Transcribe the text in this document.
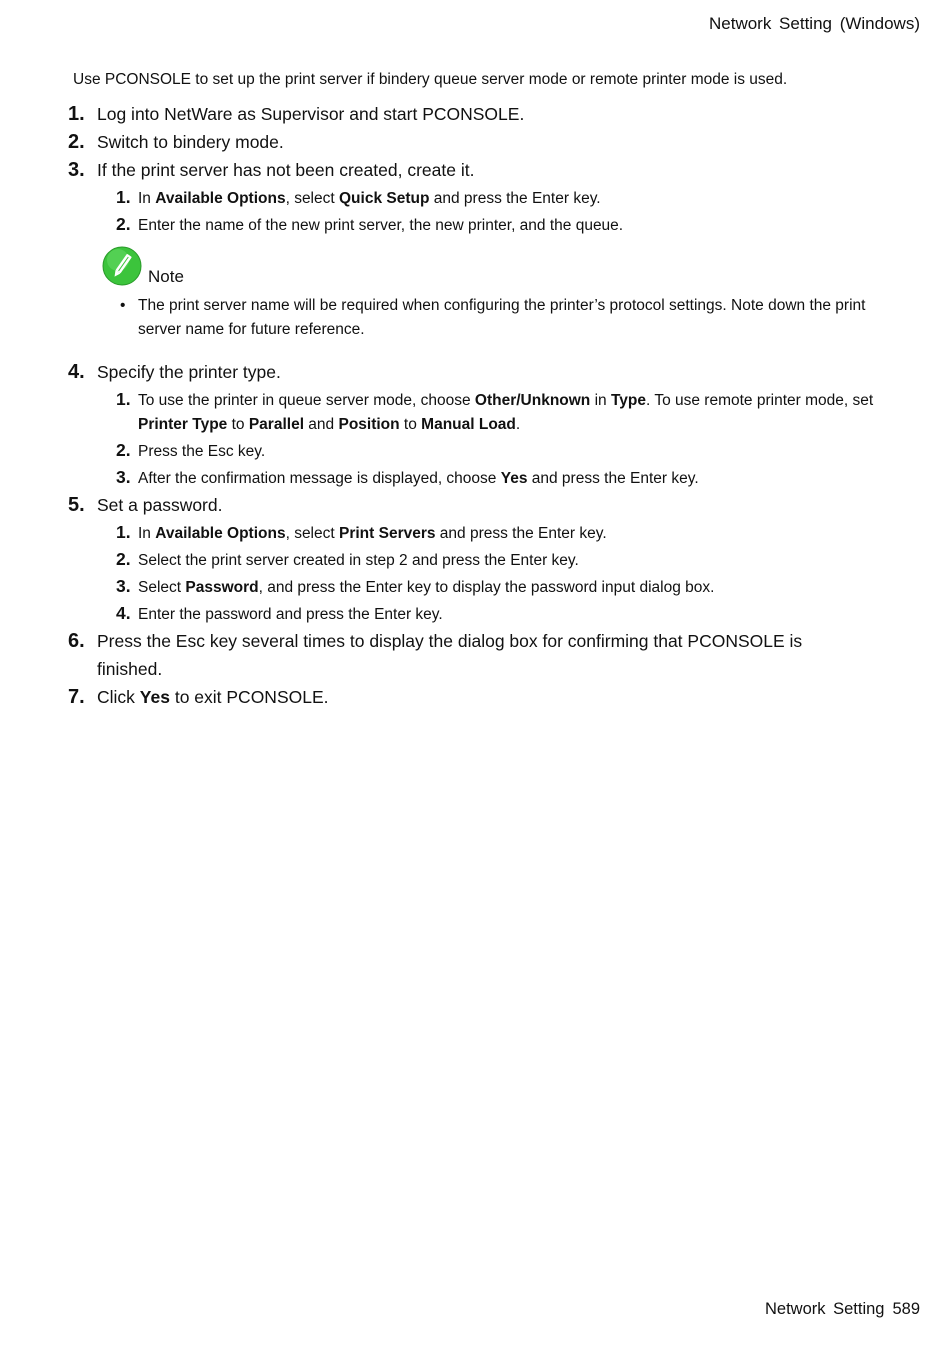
Network Setting (Windows)
Use PCONSOLE to set up the print server if bindery queue server mode or remote printer mode is used.
1. Log into NetWare as Supervisor and start PCONSOLE.
2. Switch to bindery mode.
3. If the print server has not been created, create it.
1. In Available Options, select Quick Setup and press the Enter key.
2. Enter the name of the new print server, the new printer, and the queue.
Note
• The print server name will be required when configuring the printer’s protocol settings. Note down the print server name for future reference.
4. Specify the printer type.
1. To use the printer in queue server mode, choose Other/Unknown in Type. To use remote printer mode, set Printer Type to Parallel and Position to Manual Load.
2. Press the Esc key.
3. After the confirmation message is displayed, choose Yes and press the Enter key.
5. Set a password.
1. In Available Options, select Print Servers and press the Enter key.
2. Select the print server created in step 2 and press the Enter key.
3. Select Password, and press the Enter key to display the password input dialog box.
4. Enter the password and press the Enter key.
6. Press the Esc key several times to display the dialog box for confirming that PCONSOLE is finished.
7. Click Yes to exit PCONSOLE.
Network Setting 589
